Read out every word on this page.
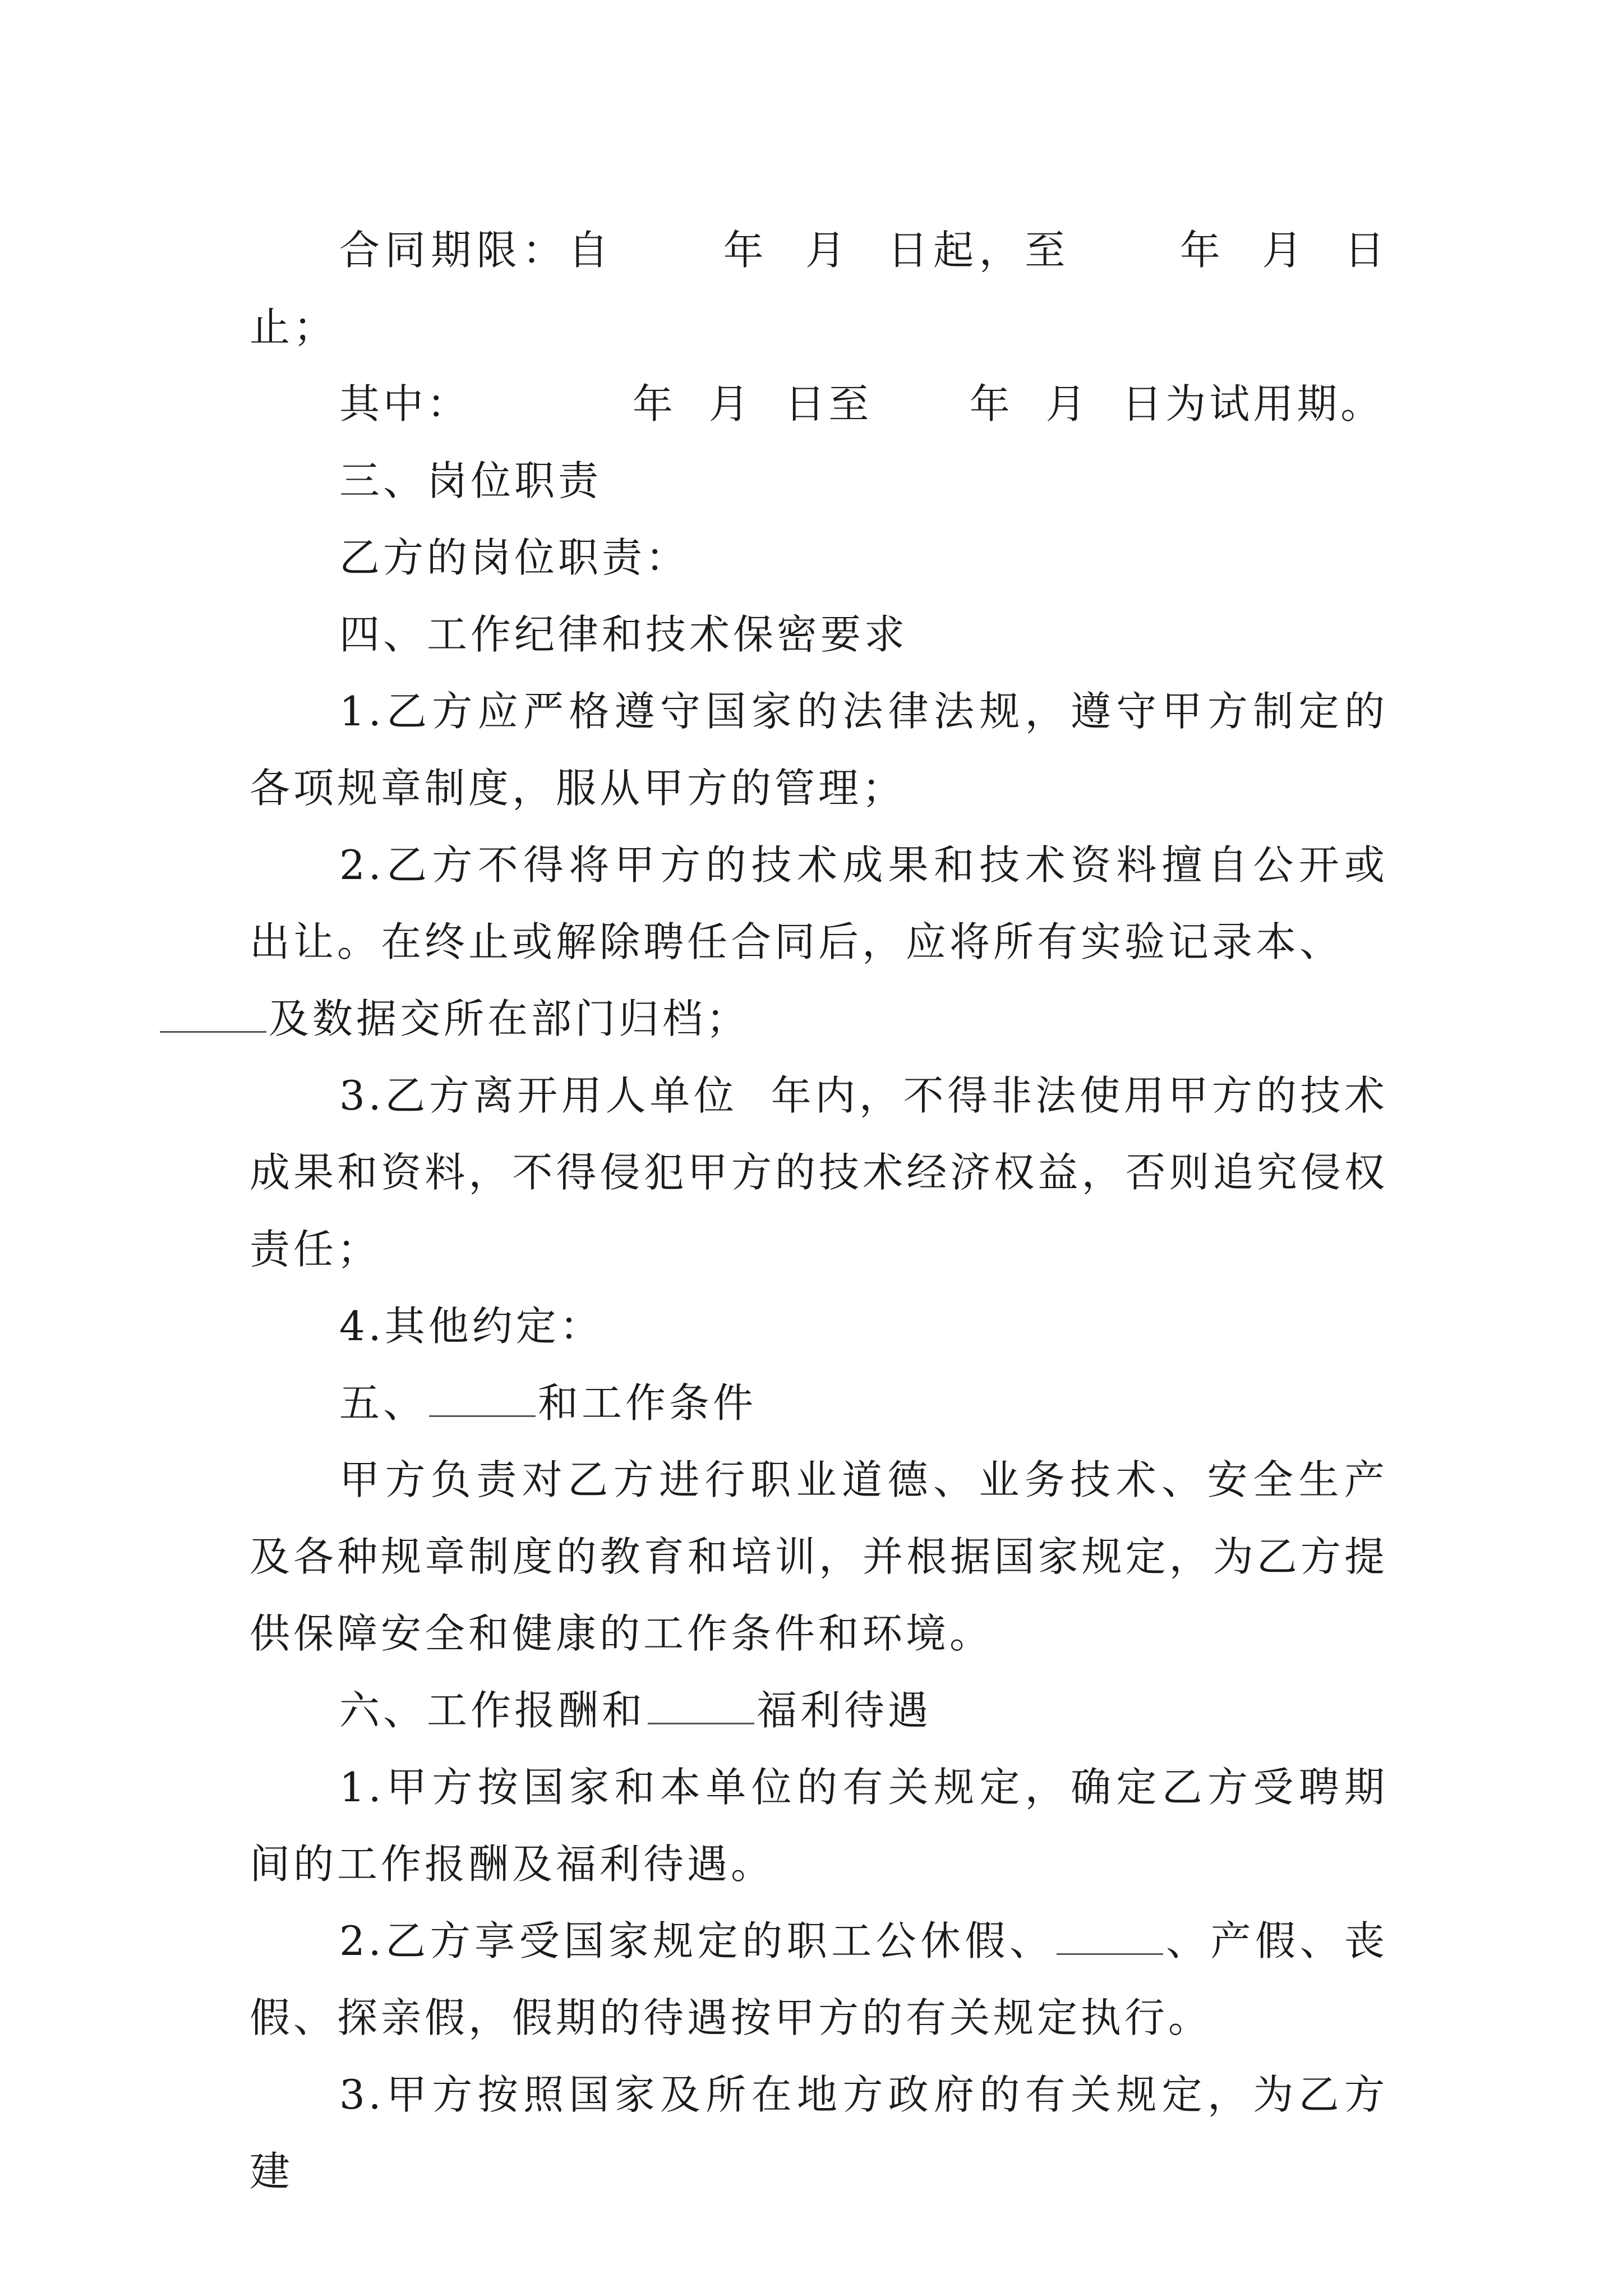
合同期限：自      年  月  日起，至      年  月  日止；

其中：          年  月  日至      年  月  日为试用期。

三、岗位职责

乙方的岗位职责：

四、工作纪律和技术保密要求

1.乙方应严格遵守国家的法律法规，遵守甲方制定的各项规章制度，服从甲方的管理；

2.乙方不得将甲方的技术成果和技术资料擅自公开或出让。在终止或解除聘任合同后，应将所有实验记录本、
及数据交所在部门归档；

3.乙方离开用人单位  年内，不得非法使用甲方的技术成果和资料，不得侵犯甲方的技术经济权益，否则追究侵权责任；

4.其他约定：

五、	和工作条件

甲方负责对乙方进行职业道德、业务技术、安全生产及各种规章制度的教育和培训，并根据国家规定，为乙方提供保障安全和健康的工作条件和环境。

六、工作报酬和	福利待遇

1.甲方按国家和本单位的有关规定，确定乙方受聘期间的工作报酬及福利待遇。

2.乙方享受国家规定的职工公休假、	、产假、丧假、探亲假，假期的待遇按甲方的有关规定执行。

3.甲方按照国家及所在地方政府的有关规定，为乙方建
